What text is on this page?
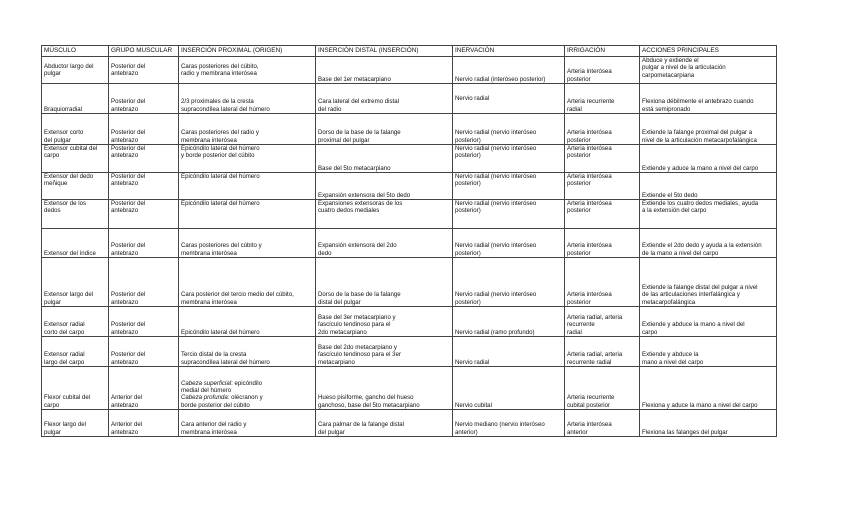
MÚSCULO	GRUPO MUSCULAR	INSERCIÓN PROXIMAL (ORIGEN)	INSERCIÓN DISTAL (INSERCIÓN)	INERVACIÓN	IRRIGACIÓN	ACCIONES PRINCIPALES

Abductor largo del
pulgar	Posterior del
antebrazo	Caras posteriores del cúbito,
radio y membrana interósea	Base del 1er metacarpiano	Nervio radial (interóseo posterior)	Arteria interósea
posterior	Abduce y extiende el
pulgar a nivel de la articulación
carpometacarpiana

Braquiorradial	Posterior del
antebrazo	2/3 proximales de la cresta
supracondílea lateral del húmero	Cara lateral del extremo distal
del radio	Nervio radial	Arteria recurrente
radial	Flexiona débilmente el antebrazo cuando
está semipronado

Extensor corto
del pulgar	Posterior del
antebrazo	Caras posteriores del radio y
membrana interósea	Dorso de la base de la falange
proximal del pulgar	Nervio radial (nervio interóseo
posterior)	Arteria interósea
posterior	Extiende la falange proximal del pulgar a
nivel de la articulación metacarpofalángica

Extensor cubital del
carpo	Posterior del
antebrazo	Epicóndilo lateral del húmero
y borde posterior del cúbito	Base del 5to metacarpiano	Nervio radial (nervio interóseo
posterior)	Arteria interósea
posterior	Extiende y aduce la mano a nivel del carpo

Extensor del dedo
meñique	Posterior del
antebrazo	Epicóndilo lateral del húmero	Expansión extensora del 5to dedo	Nervio radial (nervio interóseo
posterior)	Arteria interósea
posterior	Extiende el 5to dedo

Extensor de los
dedos	Posterior del
antebrazo	Epicóndilo lateral del húmero	Expansiones extensoras de los
cuatro dedos mediales	Nervio radial (nervio interóseo
posterior)	Arteria interósea
posterior	Extiende los cuatro dedos mediales, ayuda
a la extensión del carpo

Extensor del índice	Posterior del
antebrazo	Caras posteriores del cúbito y
membrana interósea	Expansión extensora del 2do
dedo	Nervio radial (nervio interóseo
posterior)	Arteria interósea
posterior	Extiende el 2do dedo y ayuda a la extensión
de la mano a nivel del carpo

Extensor largo del
pulgar	Posterior del
antebrazo	Cara posterior del tercio medio del cúbito,
membrana interósea	Dorso de la base de la falange
distal del pulgar	Nervio radial (nervio interóseo
posterior)	Arteria interósea
posterior	Extiende la falange distal del pulgar a nivel
de las articulaciones interfalángica y
metacarpofalángica

Extensor radial
corto del carpo	Posterior del
antebrazo	Epicóndilo lateral del húmero	Base del 3er metacarpiano y
fascículo tendinoso para el
2do metacarpiano	Nervio radial (ramo profundo)	Arteria radial, arteria
recurrente
radial	Extiende y abduce la mano a nivel del
carpo

Extensor radial
largo del carpo	Posterior del
antebrazo	Tercio distal de la cresta
supracondílea lateral del húmero	Base del 2do metacarpiano y
fascículo tendinoso para el 3er
metacarpiano	Nervio radial	Arteria radial, arteria
recurrente radial	Extiende y abduce la
mano a nivel del carpo

Flexor cubital del
carpo	Anterior del
antebrazo	Cabeza superficial: epicóndilo
medial del húmero
Cabeza profunda: olécranon y
borde posterior del cúbito	Hueso pisiforme, gancho del hueso
ganchoso, base del 5to metacarpiano	Nervio cubital	Arteria recurrente
cubital posterior	Flexiona y aduce la mano a nivel del carpo

Flexor largo del
pulgar	Anterior del
antebrazo	Cara anterior del radio y
membrana interósea	Cara palmar de la falange distal
del pulgar	Nervio mediano (nervio interóseo
anterior)	Arteria interósea
anterior	Flexiona las falanges del pulgar
